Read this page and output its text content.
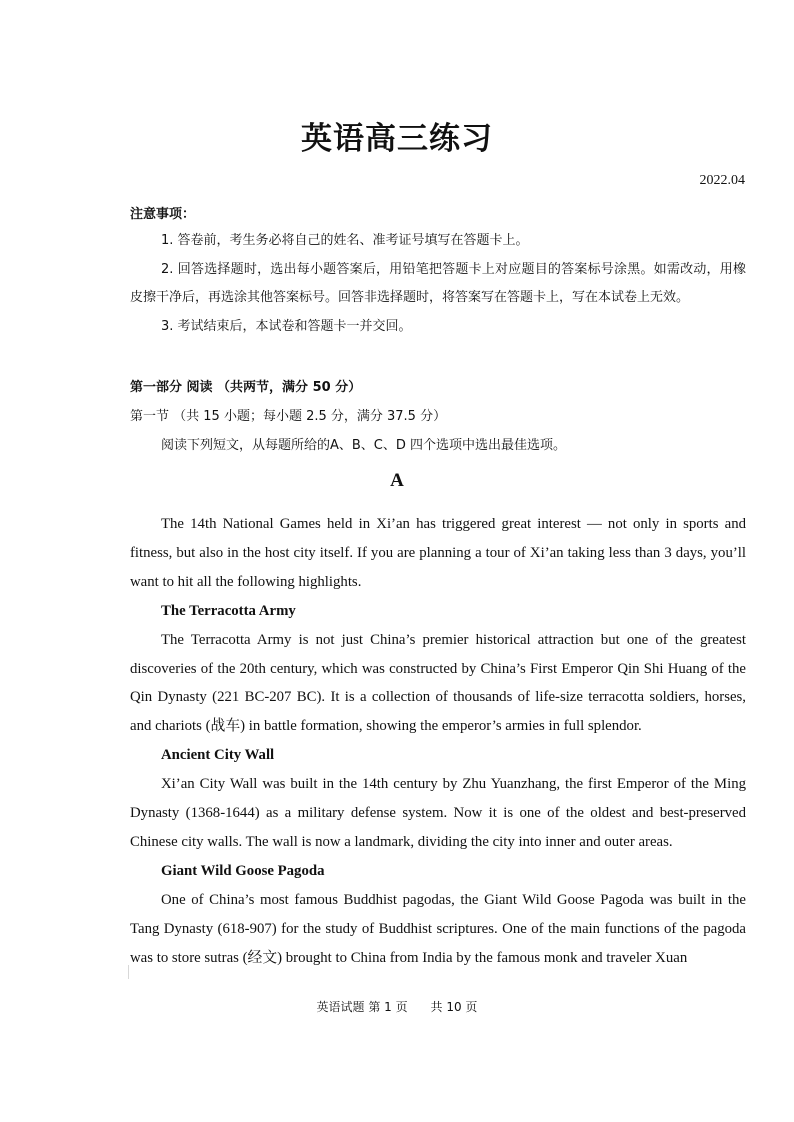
英语高三练习
2022.04
注意事项：

1. 答卷前，考生务必将自己的姓名、准考证号填写在答题卡上。

2. 回答选择题时，选出每小题答案后，用铅笔把答题卡上对应题目的答案标号涂黑。如需改动，用橡皮擦干净后，再选涂其他答案标号。回答非选择题时，将答案写在答题卡上，写在本试卷上无效。

3. 考试结束后，本试卷和答题卡一并交回。

第一部分 阅读 （共两节，满分 50 分）
第一节 （共 15 小题；每小题 2.5 分，满分 37.5 分）
阅读下列短文，从每题所给的A、B、C、D 四个选项中选出最佳选项。
A

The 14th National Games held in Xi’an has triggered great interest — not only in sports and fitness, but also in the host city itself. If you are planning a tour of Xi’an taking less than 3 days, you’ll want to hit all the following highlights.

The Terracotta Army

The Terracotta Army is not just China’s premier historical attraction but one of the greatest discoveries of the 20th century, which was constructed by China’s First Emperor Qin Shi Huang of the Qin Dynasty (221 BC-207 BC). It is a collection of thousands of life-size terracotta soldiers, horses, and chariots (战车) in battle formation, showing the emperor’s armies in full splendor.

Ancient City Wall

Xi’an City Wall was built in the 14th century by Zhu Yuanzhang, the first Emperor of the Ming Dynasty (1368-1644) as a military defense system. Now it is one of the oldest and best-preserved Chinese city walls. The wall is now a landmark, dividing the city into inner and outer areas.

Giant Wild Goose Pagoda

One of China’s most famous Buddhist pagodas, the Giant Wild Goose Pagoda was built in the Tang Dynasty (618-907) for the study of Buddhist scriptures. One of the main functions of the pagoda was to store sutras (经文) brought to China from India by the famous monk and traveler Xuan

英语试题 第 1 页 共 10 页
